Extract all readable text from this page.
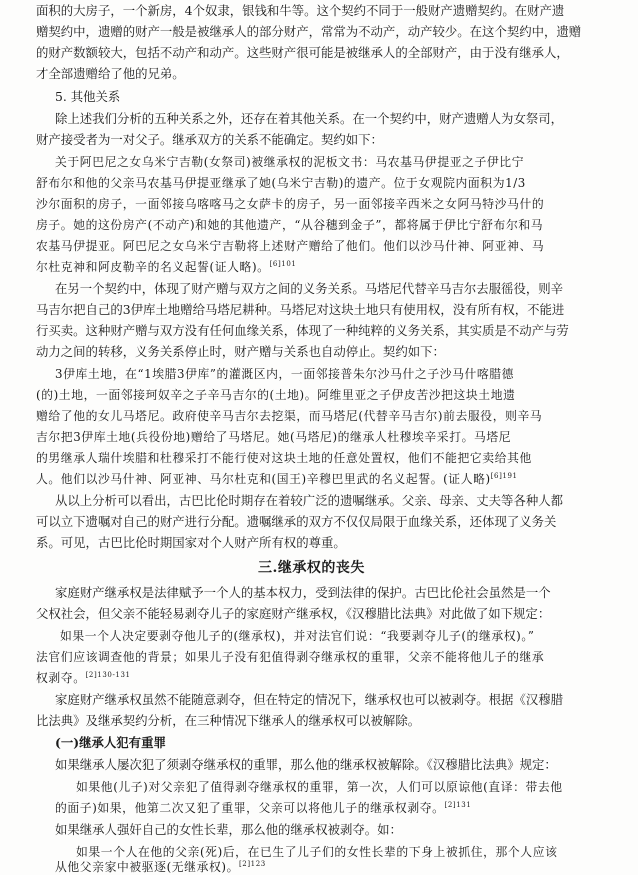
面积的大房子，一个新房，4个奴隶，银钱和牛等。这个契约不同于一般财产遗赠契约。在财产遗
赠契约中，遗赠的财产一般是被继承人的部分财产，常常为不动产，动产较少。在这个契约中，遗赠
的财产数额较大，包括不动产和动产。这些财产很可能是被继承人的全部财产，由于没有继承人，
才全部遗赠给了他的兄弟。
5. 其他关系
除上述我们分析的五种关系之外，还存在着其他关系。在一个契约中，财产遗赠人为女祭司，
财产接受者为一对父子。继承双方的关系不能确定。契约如下：
关于阿巴尼之女乌米宁吉勒(女祭司)被继承权的泥板文书：马农基马伊提亚之子伊比宁
舒布尔和他的父亲马农基马伊提亚继承了她(乌米宁吉勒)的遗产。位于女观院内面积为1/3
沙尔面积的房子，一面邻接乌喀喀马之女萨卡的房子，另一面邻接辛西米之女阿马特沙马什的
房子。她的这份房产(不动产)和她的其他遗产，“从谷穗到金子”，都将属于伊比宁舒布尔和马
农基马伊提亚。阿巴尼之女乌米宁吉勒将上述财产赠给了他们。他们以沙马什神、阿亚神、马
尔杜克神和阿皮勒辛的名义起誓(证人略)。$^{[6]101}$
在另一个契约中，体现了财产赠与双方之间的义务关系。马塔尼代替辛马吉尔去服徭役，则辛
马吉尔把自己的3伊库土地赠给马塔尼耕种。马塔尼对这块土地只有使用权，没有所有权，不能进
行买卖。这种财产赠与双方没有任何血缘关系，体现了一种纯粹的义务关系，其实质是不动产与劳
动力之间的转移，义务关系停止时，财产赠与关系也自动停止。契约如下：
3伊库土地，在“1埃腊3伊库”的灌溉区内，一面邻接普朱尔沙马什之子沙马什喀腊德
(的)土地，一面邻接珂奴辛之子辛马吉尔的(土地)。阿维里亚之子伊皮苦沙把这块土地遗
赠给了他的女儿马塔尼。政府使辛马吉尔去挖渠，而马塔尼(代替辛马吉尔)前去服役，则辛马
吉尔把3伊库土地(兵役份地)赠给了马塔尼。她(马塔尼)的继承人杜穆埃辛采打。马塔尼
的男继承人瑞什埃腊和杜穆采打不能行使对这块土地的任意处置权，他们不能把它卖给其他
人。他们以沙马什神、阿亚神、马尔杜克和(国王)辛穆巴里武的名义起誓。(证人略)$^{[6]191}$
从以上分析可以看出，古巴比伦时期存在着较广泛的遗嘱继承。父亲、母亲、丈夫等各种人都
可以立下遗嘱对自己的财产进行分配。遗嘱继承的双方不仅仅局限于血缘关系，还体现了义务关
系。可见，古巴比伦时期国家对个人财产所有权的尊重。
三.继承权的丧失
家庭财产继承权是法律赋予一个人的基本权力，受到法律的保护。古巴比伦社会虽然是一个
父权社会，但父亲不能轻易剥夺儿子的家庭财产继承权，《汉穆腊比法典》对此做了如下规定：
如果一个人决定要剥夺他儿子的(继承权)，并对法官们说：“我要剥夺儿子(的继承权)。”
法官们应该调查他的背景；如果儿子没有犯值得剥夺继承权的重罪，父亲不能将他儿子的继承
权剥夺。$^{[2]130-131}$
家庭财产继承权虽然不能随意剥夺，但在特定的情况下，继承权也可以被剥夺。根据《汉穆腊
比法典》及继承契约分析，在三种情况下继承人的继承权可以被解除。
(一)继承人犯有重罪
如果继承人屡次犯了须剥夺继承权的重罪，那么他的继承权被解除。《汉穆腊比法典》规定：
如果他(儿子)对父亲犯了值得剥夺继承权的重罪，第一次，人们可以原谅他(直译：带去他
的面子)如果，他第二次又犯了重罪，父亲可以将他儿子的继承权剥夺。$^{[2]131}$
如果继承人强奸自己的女性长辈，那么他的继承权被剥夺。如：
如果一个人在他的父亲(死)后，在已生了儿子们的女性长辈的下身上被抓住，那个人应该
从他父亲家中被驱逐(无继承权)。$^{[2]123}$
